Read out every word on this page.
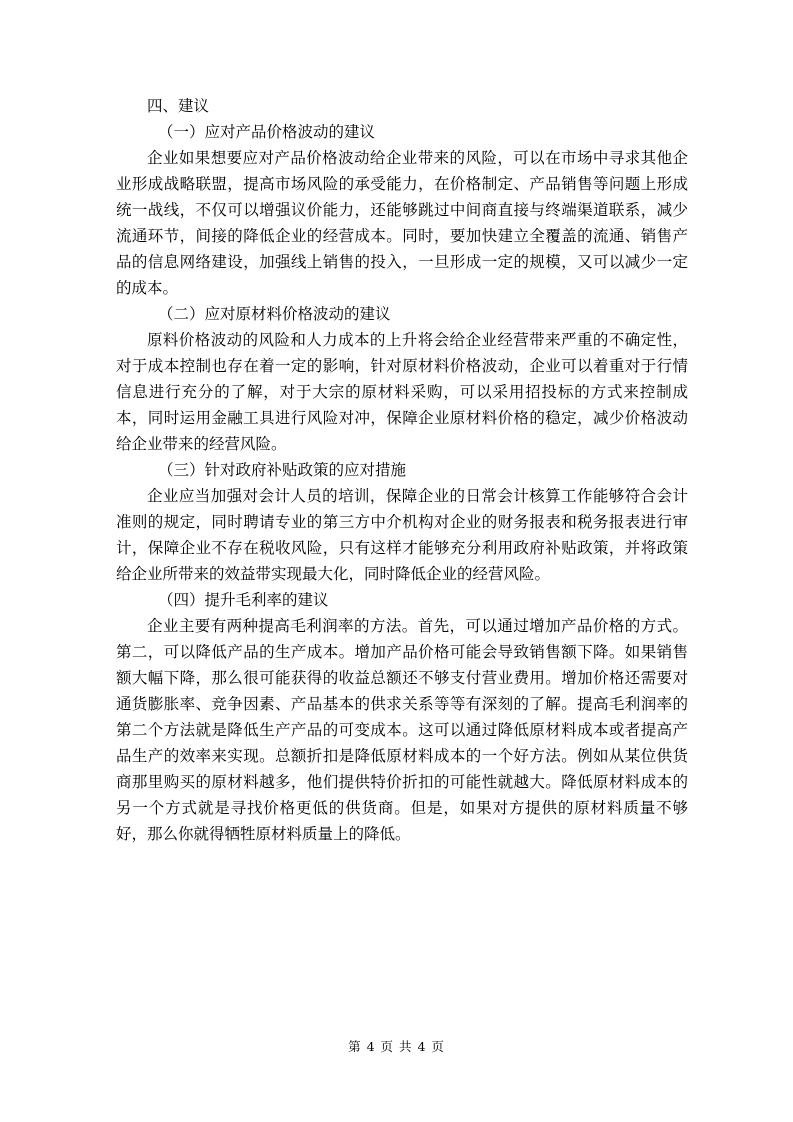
四、建议

（一）应对产品价格波动的建议

企业如果想要应对产品价格波动给企业带来的风险，可以在市场中寻求其他企业形成战略联盟，提高市场风险的承受能力，在价格制定、产品销售等问题上形成统一战线，不仅可以增强议价能力，还能够跳过中间商直接与终端渠道联系，减少流通环节，间接的降低企业的经营成本。同时，要加快建立全覆盖的流通、销售产品的信息网络建设，加强线上销售的投入，一旦形成一定的规模，又可以减少一定的成本。

（二）应对原材料价格波动的建议

原料价格波动的风险和人力成本的上升将会给企业经营带来严重的不确定性，对于成本控制也存在着一定的影响，针对原材料价格波动，企业可以着重对于行情信息进行充分的了解，对于大宗的原材料采购，可以采用招投标的方式来控制成本，同时运用金融工具进行风险对冲，保障企业原材料价格的稳定，减少价格波动给企业带来的经营风险。

（三）针对政府补贴政策的应对措施

企业应当加强对会计人员的培训，保障企业的日常会计核算工作能够符合会计准则的规定，同时聘请专业的第三方中介机构对企业的财务报表和税务报表进行审计，保障企业不存在税收风险，只有这样才能够充分利用政府补贴政策，并将政策给企业所带来的效益带实现最大化，同时降低企业的经营风险。

（四）提升毛利率的建议

企业主要有两种提高毛利润率的方法。首先，可以通过增加产品价格的方式。第二，可以降低产品的生产成本。增加产品价格可能会导致销售额下降。如果销售额大幅下降，那么很可能获得的收益总额还不够支付营业费用。增加价格还需要对通货膨胀率、竞争因素、产品基本的供求关系等等有深刻的了解。提高毛利润率的第二个方法就是降低生产产品的可变成本。这可以通过降低原材料成本或者提高产品生产的效率来实现。总额折扣是降低原材料成本的一个好方法。例如从某位供货商那里购买的原材料越多，他们提供特价折扣的可能性就越大。降低原材料成本的另一个方式就是寻找价格更低的供货商。但是，如果对方提供的原材料质量不够好，那么你就得牺牲原材料质量上的降低。

第 4 页 共 4 页
